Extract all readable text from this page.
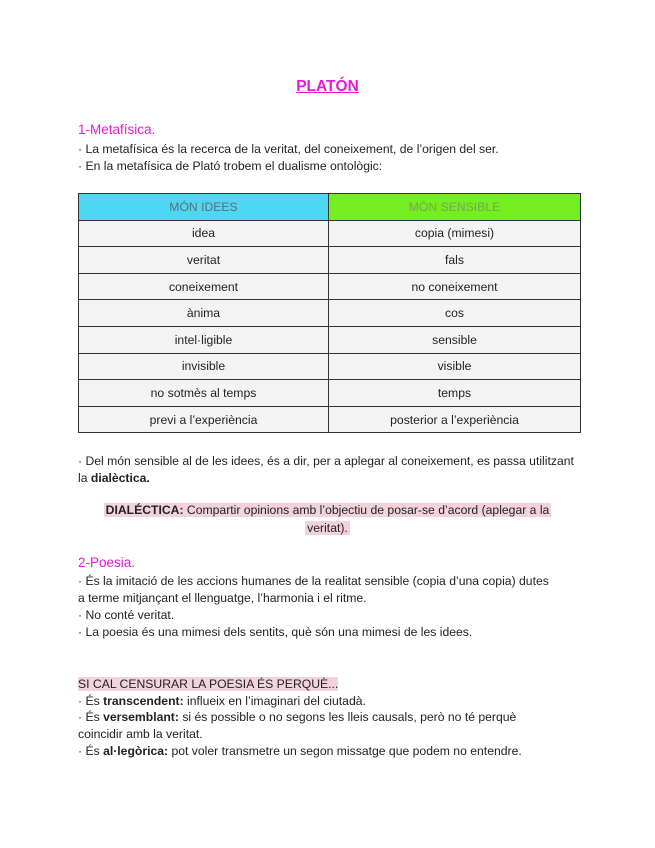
PLATÓN
1-Metafísica.
· La metafísica és la recerca de la veritat, del coneixement, de l’origen del ser.
· En la metafísica de Plató trobem el dualisme ontològic:
MÓN IDEES	MÓN SENSIBLE
idea	copia (mimesi)
veritat	fals
coneixement	no coneixement
ànima	cos
intel·ligible	sensible
invisible	visible
no sotmès al temps	temps
previ a l’experiència	posterior a l’experiència
· Del món sensible al de les idees, és a dir, per a aplegar al coneixement, es passa utilitzant la dialèctica.
DIALÉCTICA: Compartir opinions amb l’objectiu de posar-se d’acord (aplegar a la
veritat).
2-Poesia.
· És la imitació de les accions humanes de la realitat sensible (copia d’una copia) dutes
a terme mitjançant el llenguatge, l’harmonia i el ritme.
· No conté veritat.
· La poesia és una mimesi dels sentits, què són una mimesi de les idees.
SI CAL CENSURAR LA POESIA ÉS PERQUÈ...
· És transcendent: influeix en l’imaginari del ciutadà.
· És versemblant: si és possible o no segons les lleis causals, però no té perquè
coincidir amb la veritat.
· És al·legòrica: pot voler transmetre un segon missatge que podem no entendre.
